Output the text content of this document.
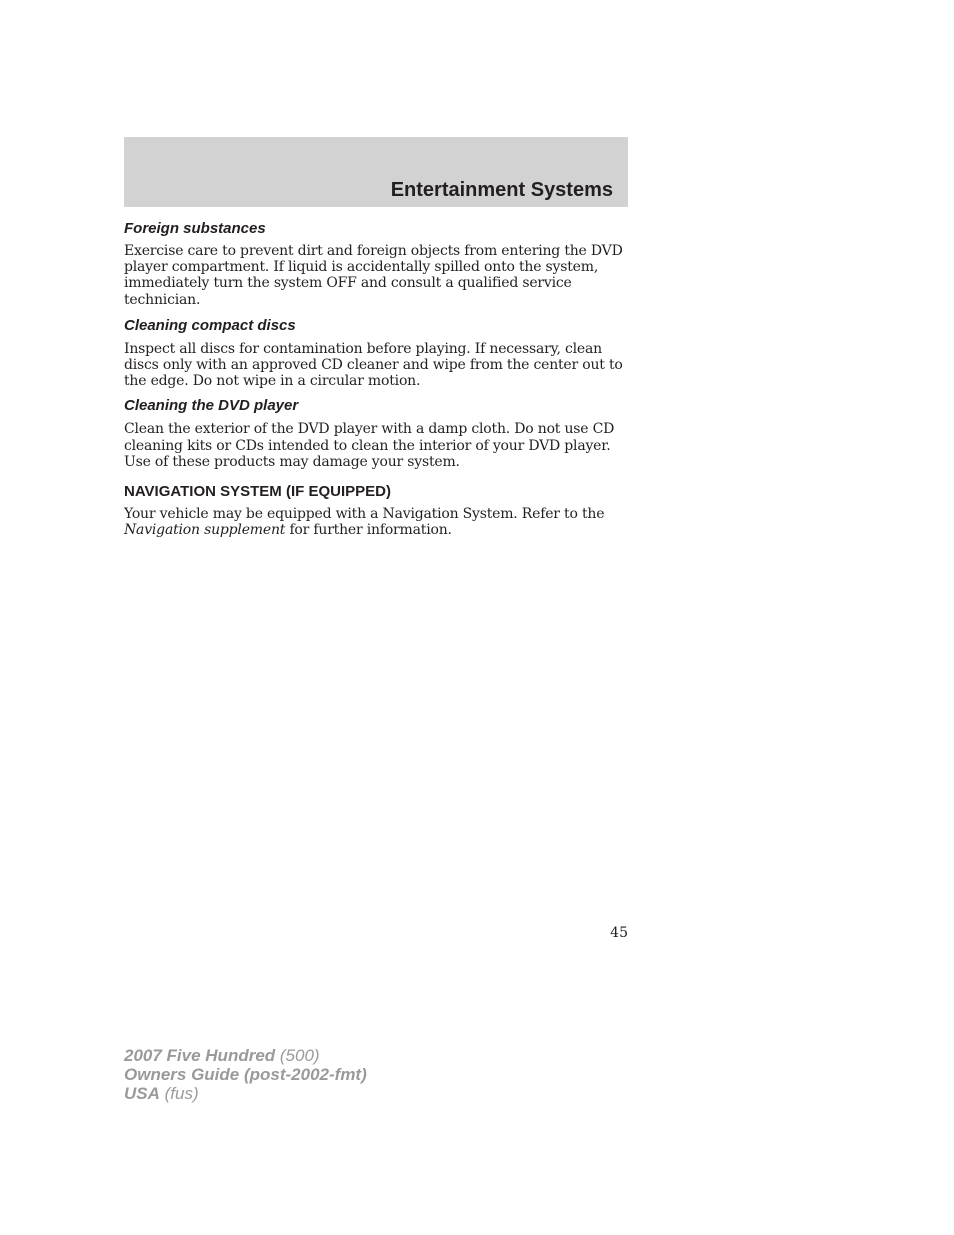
Entertainment Systems
Foreign substances

Exercise care to prevent dirt and foreign objects from entering the DVD
player compartment. If liquid is accidentally spilled onto the system,
immediately turn the system OFF and consult a qualified service
technician.

Cleaning compact discs

Inspect all discs for contamination before playing. If necessary, clean
discs only with an approved CD cleaner and wipe from the center out to
the edge. Do not wipe in a circular motion.

Cleaning the DVD player

Clean the exterior of the DVD player with a damp cloth. Do not use CD
cleaning kits or CDs intended to clean the interior of your DVD player.
Use of these products may damage your system.

NAVIGATION SYSTEM (IF EQUIPPED)

Your vehicle may be equipped with a Navigation System. Refer to the
Navigation supplement for further information.

45
2007 Five Hundred (500)
Owners Guide (post-2002-fmt)
USA (fus)
